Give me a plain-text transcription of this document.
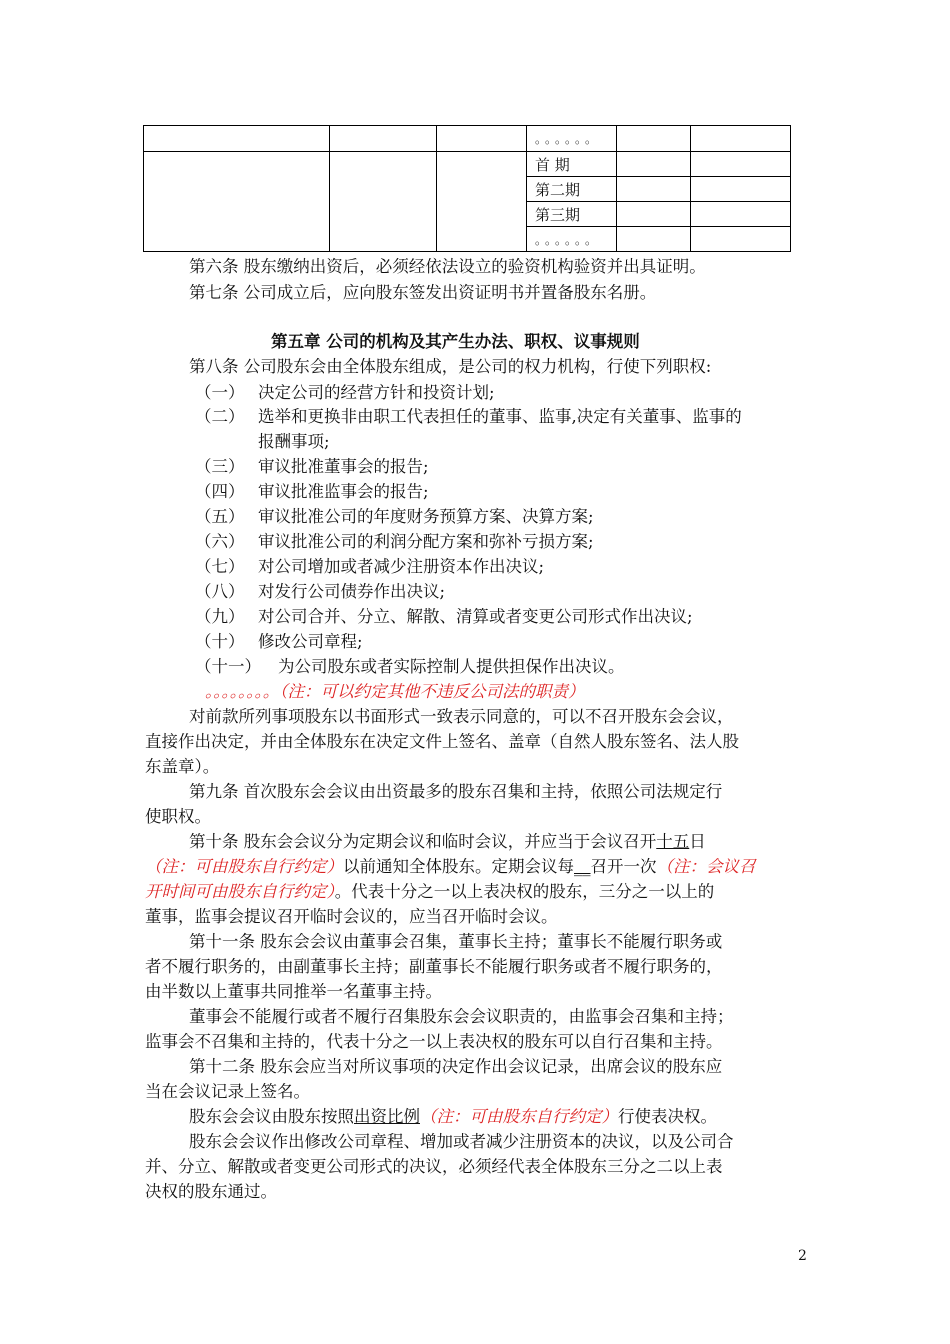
			。。。。。。		
			首 期		
			第二期		
			第三期		
			。。。。。。		
第六条 股东缴纳出资后，必须经依法设立的验资机构验资并出具证明。
第七条 公司成立后，应向股东签发出资证明书并置备股东名册。
第五章 公司的机构及其产生办法、职权、议事规则
第八条 公司股东会由全体股东组成，是公司的权力机构，行使下列职权:
（一） 决定公司的经营方针和投资计划;
（二） 选举和更换非由职工代表担任的董事、监事,决定有关董事、监事的
报酬事项;
（三） 审议批准董事会的报告;
（四） 审议批准监事会的报告;
（五） 审议批准公司的年度财务预算方案、决算方案;
（六） 审议批准公司的利润分配方案和弥补亏损方案;
（七） 对公司增加或者减少注册资本作出决议;
（八） 对发行公司债券作出决议;
（九） 对公司合并、分立、解散、清算或者变更公司形式作出决议;
（十） 修改公司章程;
（十一） 为公司股东或者实际控制人提供担保作出决议。
。。。。。。。。（注：可以约定其他不违反公司法的职责）
对前款所列事项股东以书面形式一致表示同意的，可以不召开股东会会议，
直接作出决定，并由全体股东在决定文件上签名、盖章（自然人股东签名、法人股
东盖章）。
第九条 首次股东会会议由出资最多的股东召集和主持，依照公司法规定行
使职权。
第十条 股东会会议分为定期会议和临时会议，并应当于会议召开十五日
（注：可由股东自行约定）以前通知全体股东。定期会议每__召开一次（注：会议召
开时间可由股东自行约定）。代表十分之一以上表决权的股东，三分之一以上的
董事，监事会提议召开临时会议的，应当召开临时会议。
第十一条 股东会会议由董事会召集，董事长主持；董事长不能履行职务或
者不履行职务的，由副董事长主持；副董事长不能履行职务或者不履行职务的，
由半数以上董事共同推举一名董事主持。
董事会不能履行或者不履行召集股东会会议职责的，由监事会召集和主持；
监事会不召集和主持的，代表十分之一以上表决权的股东可以自行召集和主持。
第十二条 股东会应当对所议事项的决定作出会议记录，出席会议的股东应
当在会议记录上签名。
股东会会议由股东按照出资比例（注：可由股东自行约定）行使表决权。
股东会会议作出修改公司章程、增加或者减少注册资本的决议，以及公司合
并、分立、解散或者变更公司形式的决议，必须经代表全体股东三分之二以上表
决权的股东通过。
2
